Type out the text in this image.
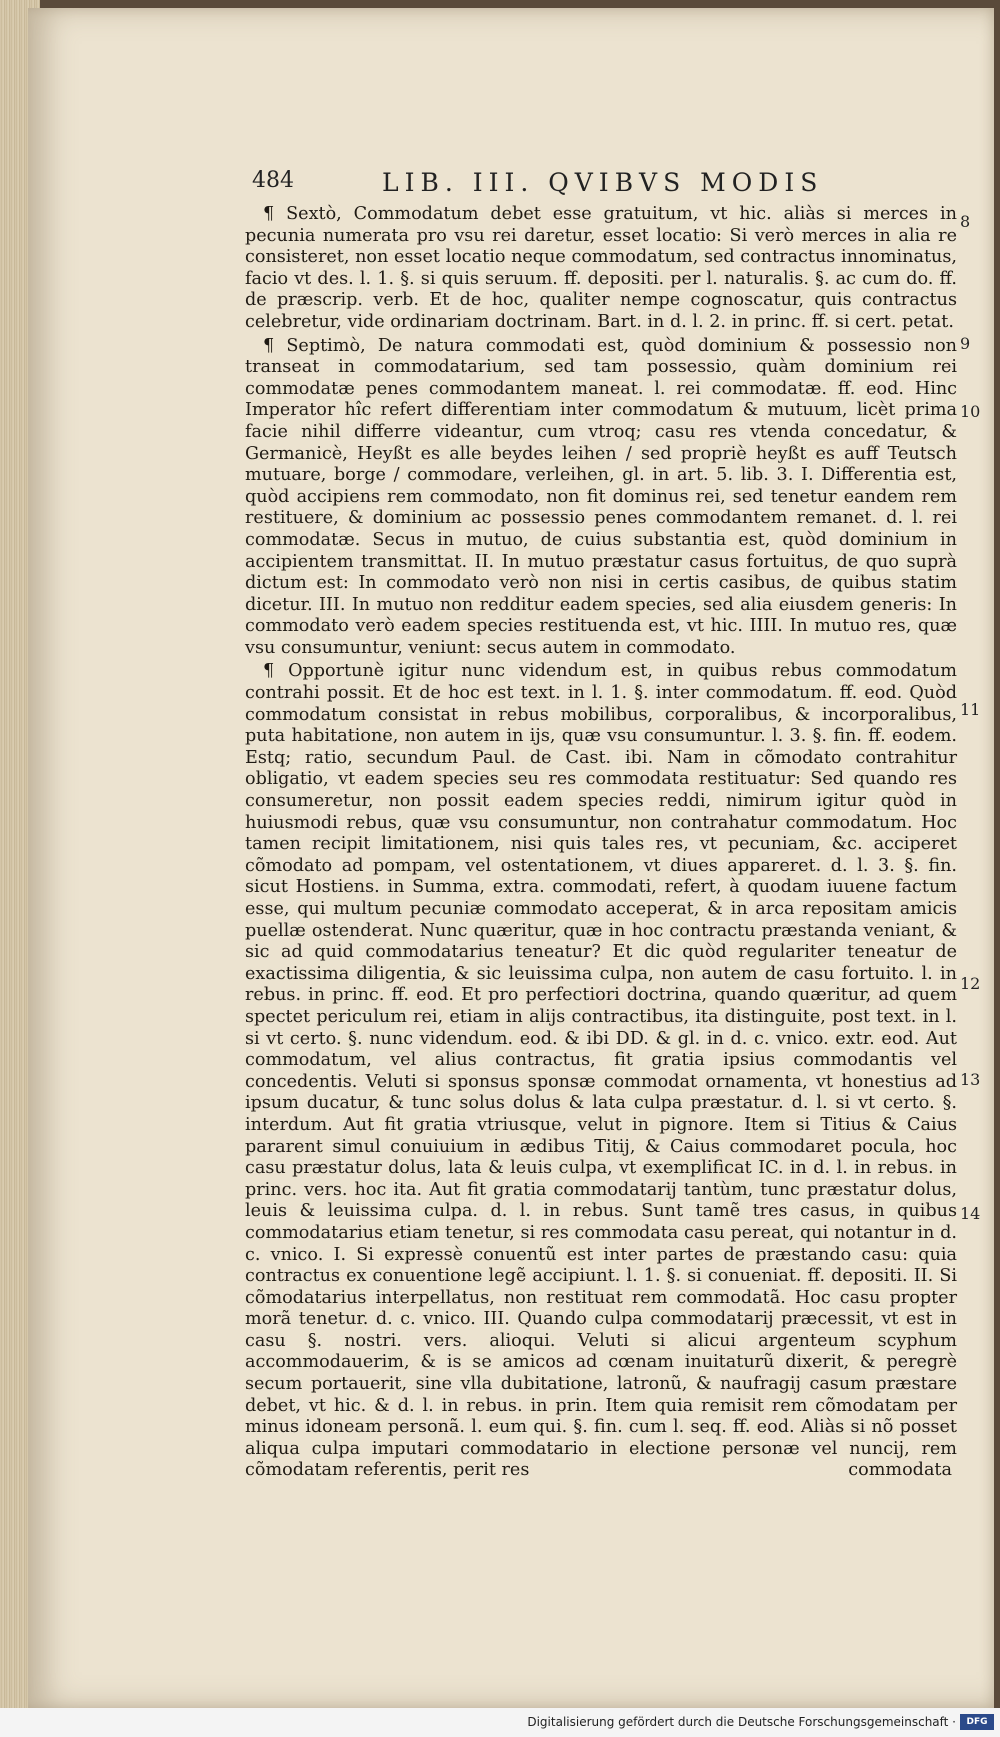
484	LIB. III. QVIBVS MODIS

¶ Sextò, Commodatum debet esse gratuitum, vt hic. aliàs si merces in pecunia numerata pro vsu rei daretur, esset locatio: Si verò merces in alia re consisteret, non esset locatio neque commodatum, sed contractus innominatus, facio vt des. l. 1. §. si quis seruum. ff. depositi. per l. naturalis. §. ac cum do. ff. de præscrip. verb. Et de hoc, qualiter nempe cognoscatur, quis contractus celebretur, vide ordinariam doctrinam. Bart. in d. l. 2. in princ. ff. si cert. petat.

¶ Septimò, De natura commodati est, quòd dominium & possessio non transeat in commodatarium, sed tam possessio, quàm dominium rei commodatæ penes commodantem maneat. l. rei commodatæ. ff. eod. Hinc Imperator hîc refert differentiam inter commodatum & mutuum, licèt prima facie nihil differre videantur, cum vtroq; casu res vtenda concedatur, & Germanicè, Heyßt es alle beydes leihen / sed propriè heyßt es auff Teutsch mutuare, borge / commodare, verleihen, gl. in art. 5. lib. 3. I. Differentia est, quòd accipiens rem commodato, non fit dominus rei, sed tenetur eandem rem restituere, & dominium ac possessio penes commodantem remanet. d. l. rei commodatæ. Secus in mutuo, de cuius substantia est, quòd dominium in accipientem transmittat. II. In mutuo præstatur casus fortuitus, de quo suprà dictum est: In commodato verò non nisi in certis casibus, de quibus statim dicetur. III. In mutuo non redditur eadem species, sed alia eiusdem generis: In commodato verò eadem species restituenda est, vt hic. IIII. In mutuo res, quæ vsu consumuntur, veniunt: secus autem in commodato.

¶ Opportunè igitur nunc videndum est, in quibus rebus commodatum contrahi possit. Et de hoc est text. in l. 1. §. inter commodatum. ff. eod. Quòd commodatum consistat in rebus mobilibus, corporalibus, & incorporalibus, puta habitatione, non autem in ijs, quæ vsu consumuntur. l. 3. §. fin. ff. eodem. Estq; ratio, secundum Paul. de Cast. ibi. Nam in cõmodato contrahitur obligatio, vt eadem species seu res commodata restituatur: Sed quando res consumeretur, non possit eadem species reddi, nimirum igitur quòd in huiusmodi rebus, quæ vsu consumuntur, non contrahatur commodatum. Hoc tamen recipit limitationem, nisi quis tales res, vt pecuniam, &c. acciperet cõmodato ad pompam, vel ostentationem, vt diues appareret. d. l. 3. §. fin. sicut Hostiens. in Summa, extra. commodati, refert, à quodam iuuene factum esse, qui multum pecuniæ commodato acceperat, & in arca repositam amicis puellæ ostenderat. Nunc quæritur, quæ in hoc contractu præstanda veniant, & sic ad quid commodatarius teneatur? Et dic quòd regulariter teneatur de exactissima diligentia, & sic leuissima culpa, non autem de casu fortuito. l. in rebus. in princ. ff. eod. Et pro perfectiori doctrina, quando quæritur, ad quem spectet periculum rei, etiam in alijs contractibus, ita distinguite, post text. in l. si vt certo. §. nunc videndum. eod. & ibi DD. & gl. in d. c. vnico. extr. eod. Aut commodatum, vel alius contractus, fit gratia ipsius commodantis vel concedentis. Veluti si sponsus sponsæ commodat ornamenta, vt honestius ad ipsum ducatur, & tunc solus dolus & lata culpa præstatur. d. l. si vt certo. §. interdum. Aut fit gratia vtriusque, velut in pignore. Item si Titius & Caius pararent simul conuiuium in ædibus Titij, & Caius commodaret pocula, hoc casu præstatur dolus, lata & leuis culpa, vt exemplificat IC. in d. l. in rebus. in princ. vers. hoc ita. Aut fit gratia commodatarij tantùm, tunc præstatur dolus, leuis & leuissima culpa. d. l. in rebus. Sunt tamẽ tres casus, in quibus commodatarius etiam tenetur, si res commodata casu pereat, qui notantur in d. c. vnico. I. Si expressè conuentũ est inter partes de præstando casu: quia contractus ex conuentione legẽ accipiunt. l. 1. §. si conueniat. ff. depositi. II. Si cõmodatarius interpellatus, non restituat rem commodatã. Hoc casu propter morã tenetur. d. c. vnico. III. Quando culpa commodatarij præcessit, vt est in casu §. nostri. vers. alioqui. Veluti si alicui argenteum scyphum accommodauerim, & is se amicos ad cœnam inuitaturũ dixerit, & peregrè secum portauerit, sine vlla dubitatione, latronũ, & naufragij casum præstare debet, vt hic. & d. l. in rebus. in prin. Item quia remisit rem cõmodatam per minus idoneam personã. l. eum qui. §. fin. cum l. seq. ff. eod. Aliàs si nõ posset aliqua culpa imputari commodatario in electione personæ vel nuncij, rem cõmodatam referentis, perit res

8
9
10
11
12
13
14
commodata
Digitalisierung gefördert durch die Deutsche Forschungsgemeinschaft ·	DFG
